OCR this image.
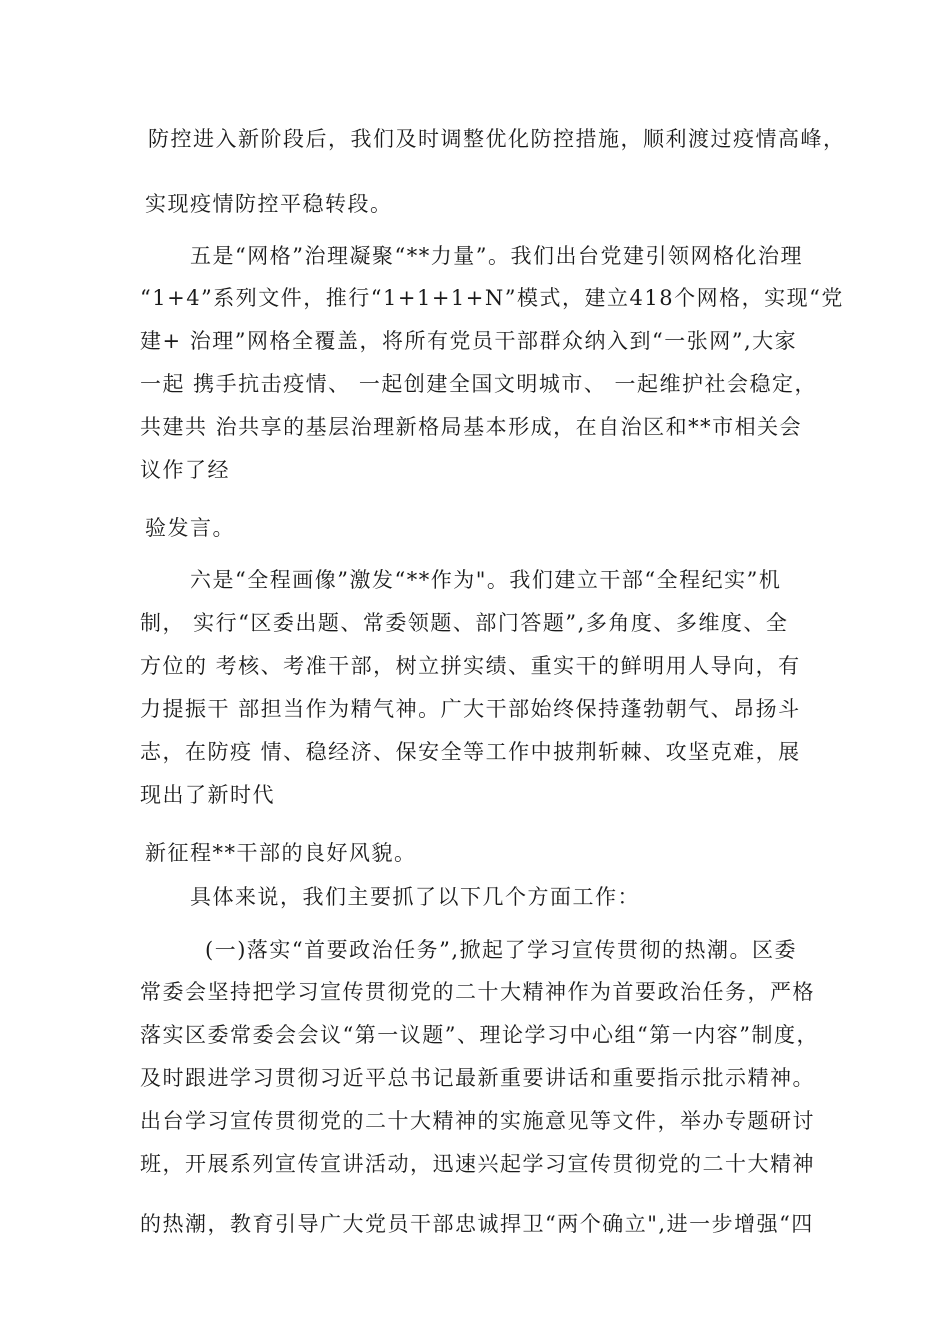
防控进入新阶段后，我们及时调整优化防控措施，顺利渡过疫情高峰，
实现疫情防控平稳转段。
五是“网格”治理凝聚“**力量”。我们出台党建引领网格化治理
“1+4”系列文件，推行“1+1+1+N”模式，建立418个网格，实现“党
建+ 治理”网格全覆盖，将所有党员干部群众纳入到“一张网”,大家
一起 携手抗击疫情、 一起创建全国文明城市、 一起维护社会稳定，
共建共 治共享的基层治理新格局基本形成，在自治区和**市相关会
议作了经
验发言。
六是“全程画像”激发“**作为"。我们建立干部“全程纪实”机
制， 实行“区委出题、常委领题、部门答题”,多角度、多维度、全
方位的 考核、考准干部，树立拼实绩、重实干的鲜明用人导向，有
力提振干 部担当作为精气神。广大干部始终保持蓬勃朝气、昂扬斗
志，在防疫 情、稳经济、保安全等工作中披荆斩棘、攻坚克难，展
现出了新时代
新征程**干部的良好风貌。
具体来说，我们主要抓了以下几个方面工作：
(一)落实“首要政治任务”,掀起了学习宣传贯彻的热潮。区委
常委会坚持把学习宣传贯彻党的二十大精神作为首要政治任务，严格
落实区委常委会会议“第一议题”、理论学习中心组“第一内容”制度，
及时跟进学习贯彻习近平总书记最新重要讲话和重要指示批示精神。
出台学习宣传贯彻党的二十大精神的实施意见等文件，举办专题研讨
班，开展系列宣传宣讲活动，迅速兴起学习宣传贯彻党的二十大精神
的热潮，教育引导广大党员干部忠诚捍卫“两个确立",进一步增强“四
